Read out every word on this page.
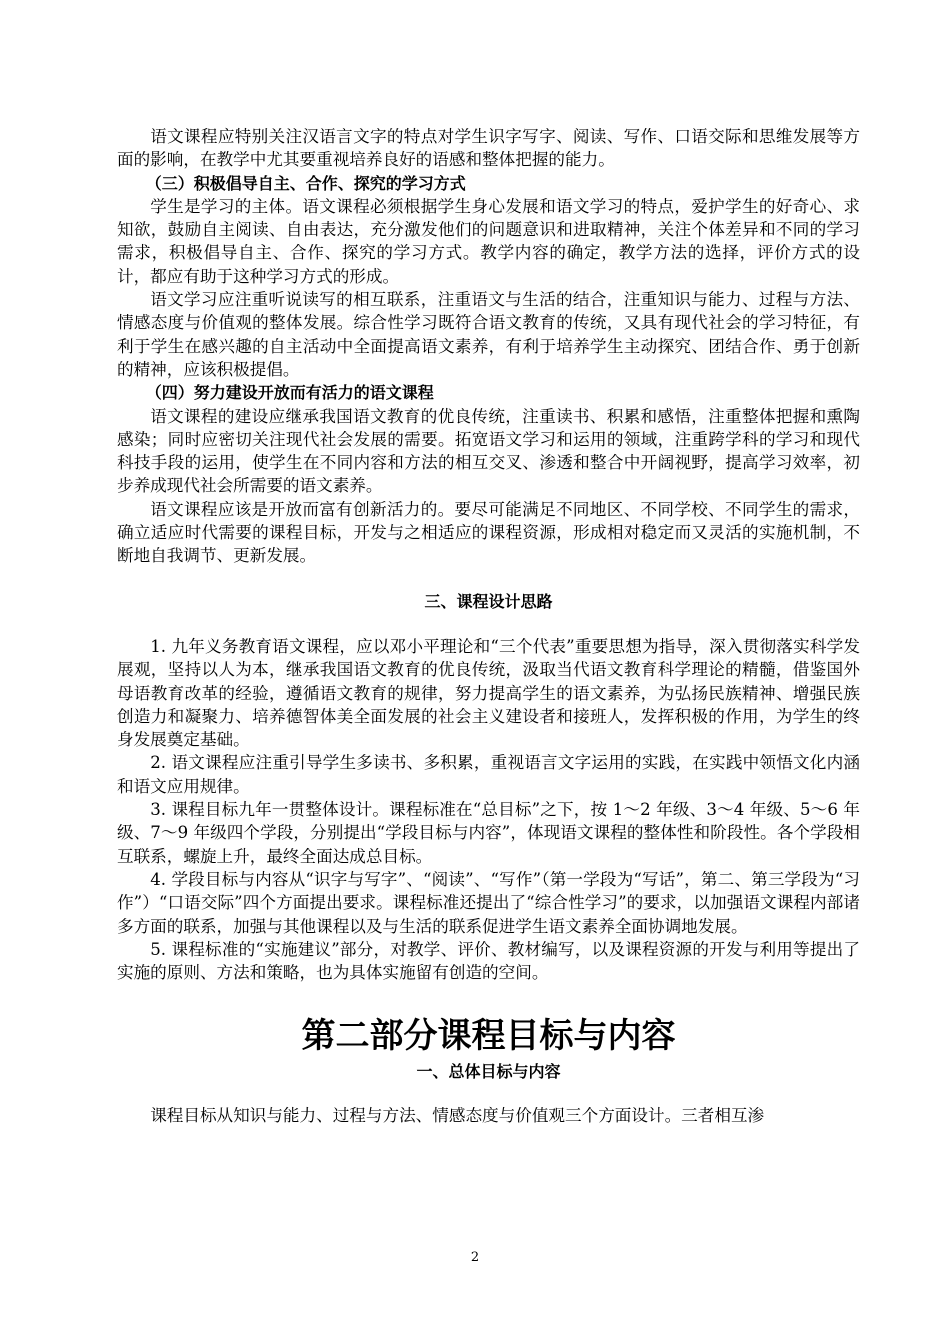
语文课程应特别关注汉语言文字的特点对学生识字写字、阅读、写作、口语交际和思维发展等方面的影响，在教学中尤其要重视培养良好的语感和整体把握的能力。

（三）积极倡导自主、合作、探究的学习方式

学生是学习的主体。语文课程必须根据学生身心发展和语文学习的特点，爱护学生的好奇心、求知欲，鼓励自主阅读、自由表达，充分激发他们的问题意识和进取精神，关注个体差异和不同的学习需求，积极倡导自主、合作、探究的学习方式。教学内容的确定，教学方法的选择，评价方式的设计，都应有助于这种学习方式的形成。

语文学习应注重听说读写的相互联系，注重语文与生活的结合，注重知识与能力、过程与方法、情感态度与价值观的整体发展。综合性学习既符合语文教育的传统，又具有现代社会的学习特征，有利于学生在感兴趣的自主活动中全面提高语文素养，有利于培养学生主动探究、团结合作、勇于创新的精神，应该积极提倡。

（四）努力建设开放而有活力的语文课程

语文课程的建设应继承我国语文教育的优良传统，注重读书、积累和感悟，注重整体把握和熏陶感染；同时应密切关注现代社会发展的需要。拓宽语文学习和运用的领域，注重跨学科的学习和现代科技手段的运用，使学生在不同内容和方法的相互交叉、渗透和整合中开阔视野，提高学习效率，初步养成现代社会所需要的语文素养。

语文课程应该是开放而富有创新活力的。要尽可能满足不同地区、不同学校、不同学生的需求，确立适应时代需要的课程目标，开发与之相适应的课程资源，形成相对稳定而又灵活的实施机制，不断地自我调节、更新发展。

三、课程设计思路

1. 九年义务教育语文课程，应以邓小平理论和“三个代表”重要思想为指导，深入贯彻落实科学发展观，坚持以人为本，继承我国语文教育的优良传统，汲取当代语文教育科学理论的精髓，借鉴国外母语教育改革的经验，遵循语文教育的规律，努力提高学生的语文素养，为弘扬民族精神、增强民族创造力和凝聚力、培养德智体美全面发展的社会主义建设者和接班人，发挥积极的作用，为学生的终身发展奠定基础。

2. 语文课程应注重引导学生多读书、多积累，重视语言文字运用的实践，在实践中领悟文化内涵和语文应用规律。

3. 课程目标九年一贯整体设计。课程标准在“总目标”之下，按 1～2 年级、3～4 年级、5～6 年级、7～9 年级四个学段，分别提出“学段目标与内容”，体现语文课程的整体性和阶段性。各个学段相互联系，螺旋上升，最终全面达成总目标。

4. 学段目标与内容从“识字与写字”、“阅读”、“写作”（第一学段为“写话”，第二、第三学段为“习作”）“口语交际”四个方面提出要求。课程标准还提出了“综合性学习”的要求，以加强语文课程内部诸多方面的联系，加强与其他课程以及与生活的联系促进学生语文素养全面协调地发展。

5. 课程标准的“实施建议”部分，对教学、评价、教材编写，以及课程资源的开发与利用等提出了实施的原则、方法和策略，也为具体实施留有创造的空间。

第二部分课程目标与内容

一、总体目标与内容

课程目标从知识与能力、过程与方法、情感态度与价值观三个方面设计。三者相互渗

2
